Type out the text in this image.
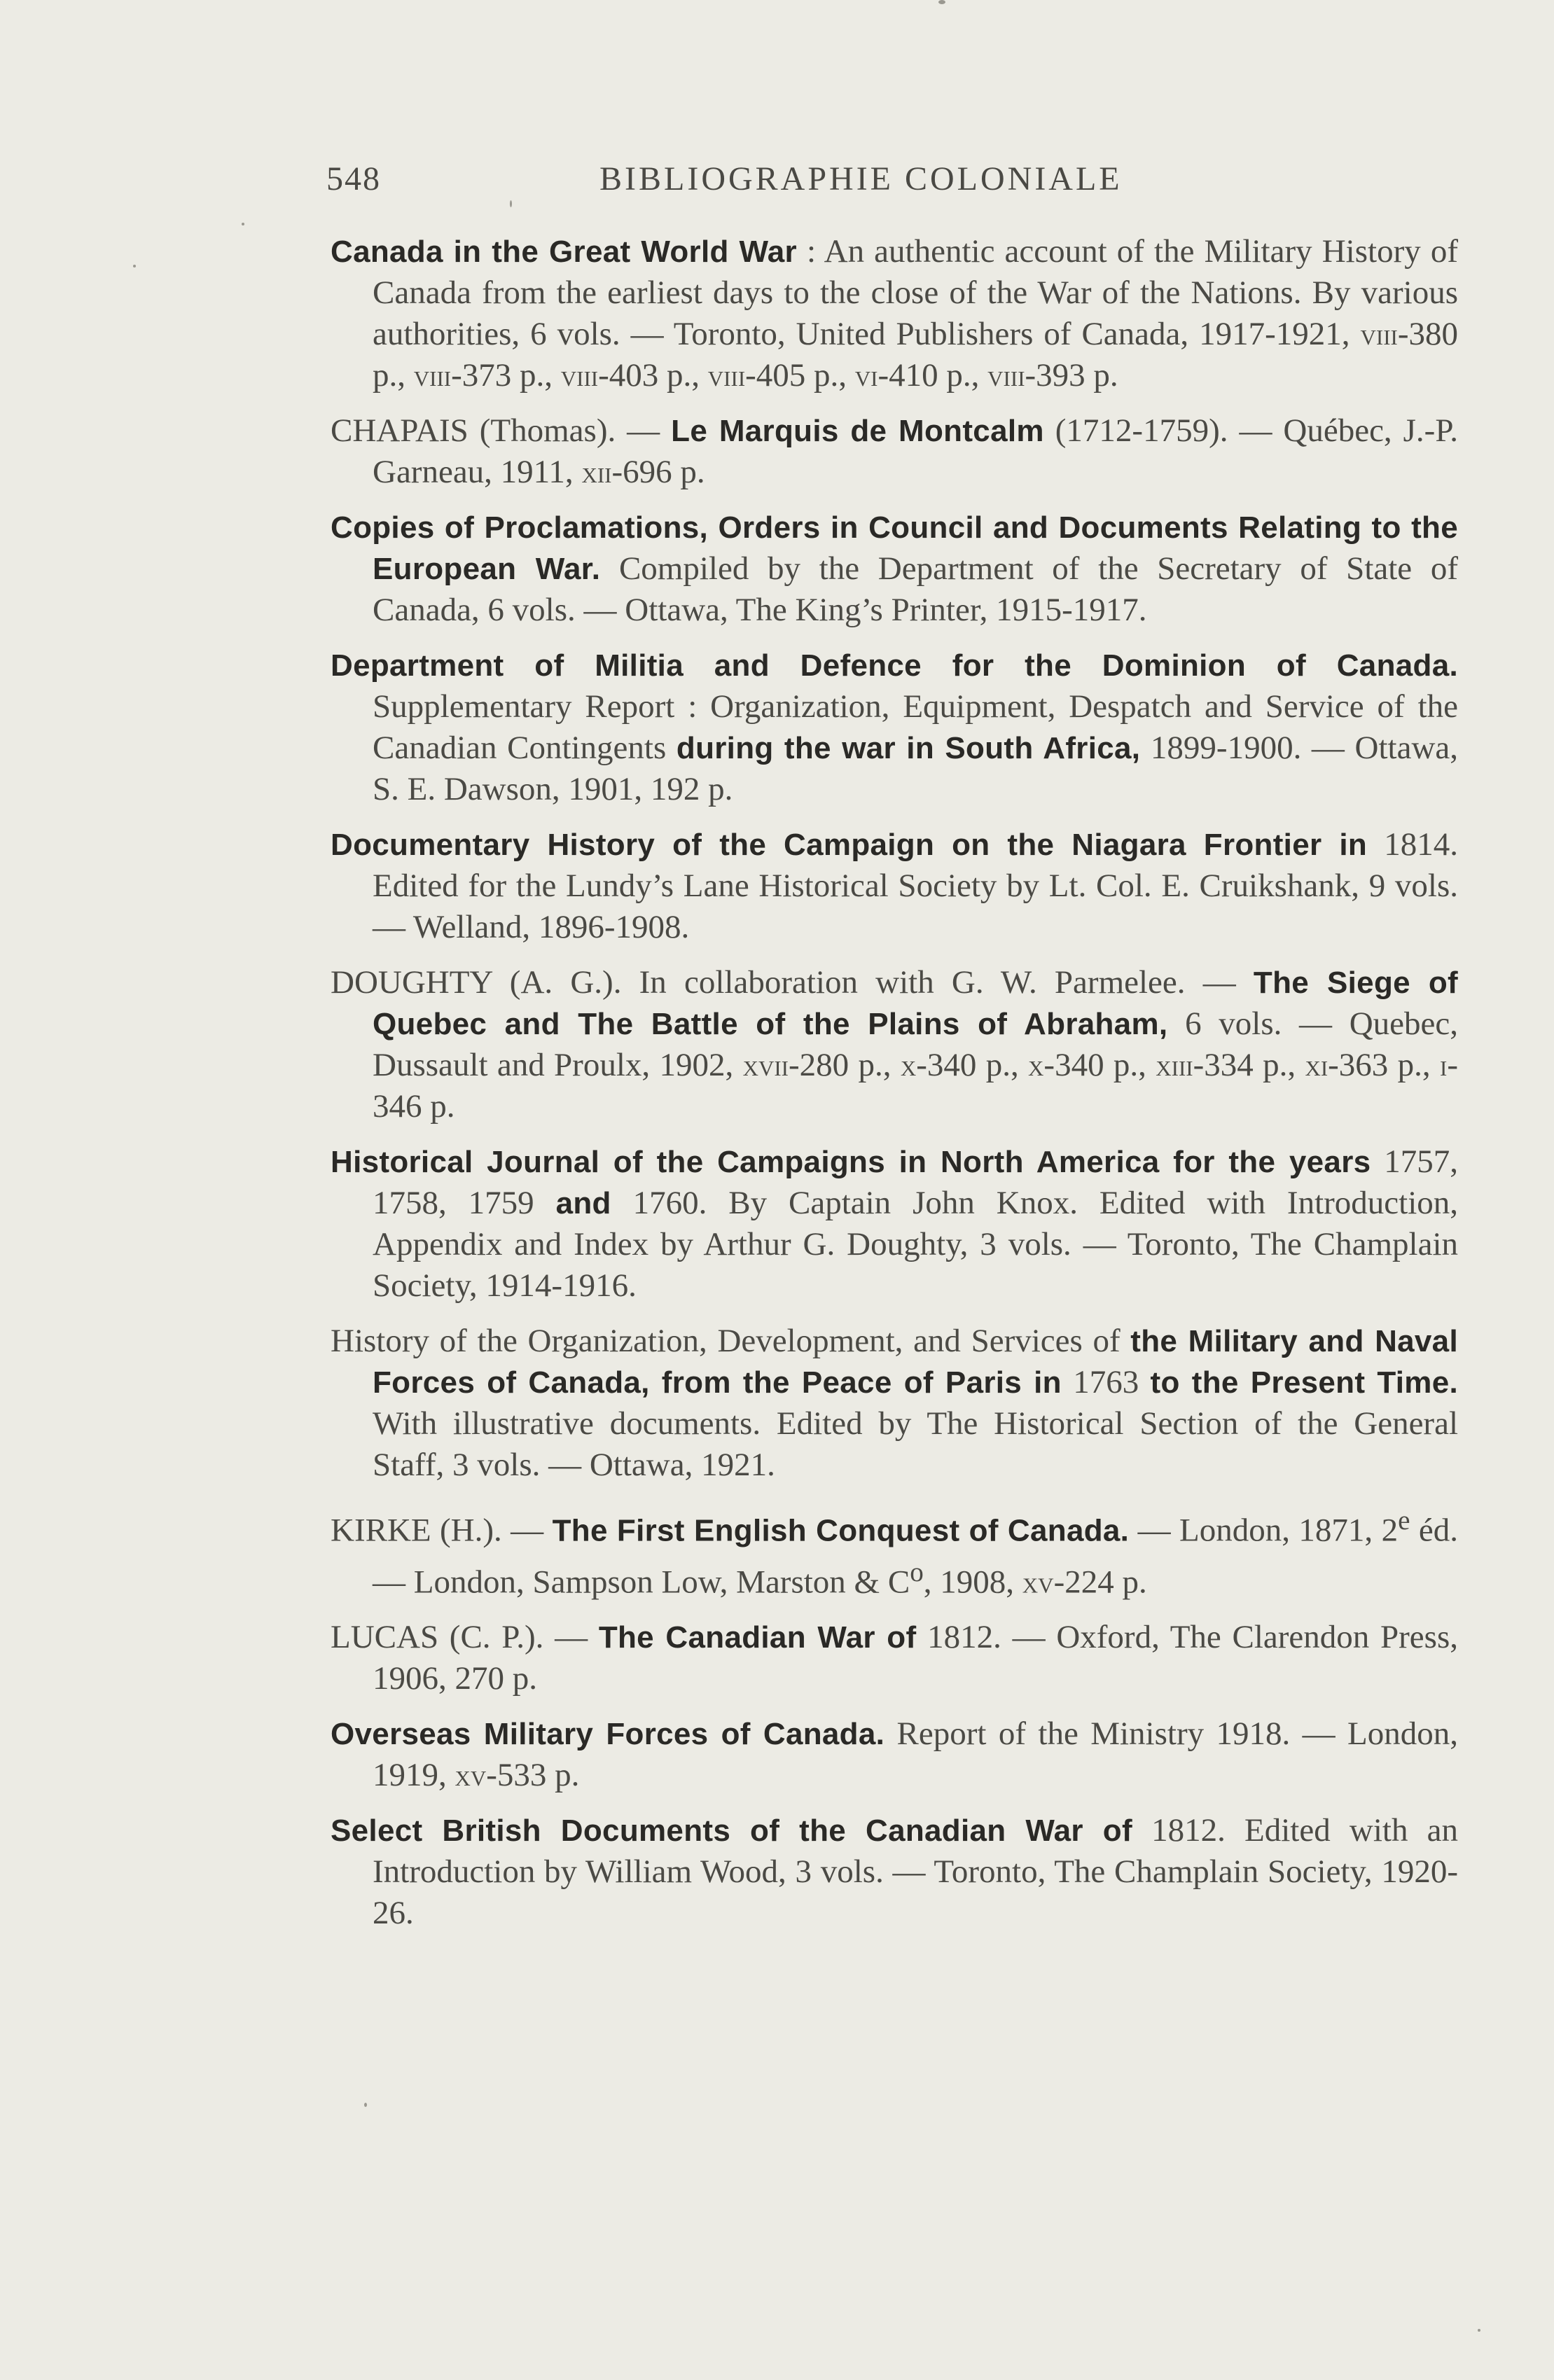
548	BIBLIOGRAPHIE COLONIALE

Canada in the Great World War : An authentic account of the Military History of Canada from the earliest days to the close of the War of the Nations. By various authorities, 6 vols. — Toronto, United Publishers of Canada, 1917-1921, viii-380 p., viii-373 p., viii-403 p., viii-405 p., vi-410 p., viii-393 p.

CHAPAIS (Thomas). — Le Marquis de Montcalm (1712-1759). — Québec, J.-P. Garneau, 1911, xii-696 p.

Copies of Proclamations, Orders in Council and Documents Relating to the European War. Compiled by the Department of the Secretary of State of Canada, 6 vols. — Ottawa, The King’s Printer, 1915-1917.

Department of Militia and Defence for the Dominion of Canada. Supplementary Report : Organization, Equipment, Despatch and Service of the Canadian Contingents during the war in South Africa, 1899-1900. — Ottawa, S. E. Dawson, 1901, 192 p.

Documentary History of the Campaign on the Niagara Frontier in 1814. Edited for the Lundy’s Lane Historical Society by Lt. Col. E. Cruikshank, 9 vols. — Welland, 1896-1908.

DOUGHTY (A. G.). In collaboration with G. W. Parmelee. — The Siege of Quebec and The Battle of the Plains of Abraham, 6 vols. — Quebec, Dussault and Proulx, 1902, xvii-280 p., x-340 p., x-340 p., xiii-334 p., xi-363 p., i-346 p.

Historical Journal of the Campaigns in North America for the years 1757, 1758, 1759 and 1760. By Captain John Knox. Edited with Introduction, Appendix and Index by Arthur G. Doughty, 3 vols. — Toronto, The Champlain Society, 1914-1916.

History of the Organization, Development, and Services of the Military and Naval Forces of Canada, from the Peace of Paris in 1763 to the Present Time. With illustrative documents. Edited by The Historical Section of the General Staff, 3 vols. — Ottawa, 1921.

KIRKE (H.). — The First English Conquest of Canada. — London, 1871, 2e éd. — London, Sampson Low, Marston & $C^o$, 1908, xv-224 p.

LUCAS (C. P.). — The Canadian War of 1812. — Oxford, The Clarendon Press, 1906, 270 p.

Overseas Military Forces of Canada. Report of the Ministry 1918. — London, 1919, xv-533 p.

Select British Documents of the Canadian War of 1812. Edited with an Introduction by William Wood, 3 vols. — Toronto, The Champlain Society, 1920-26.
